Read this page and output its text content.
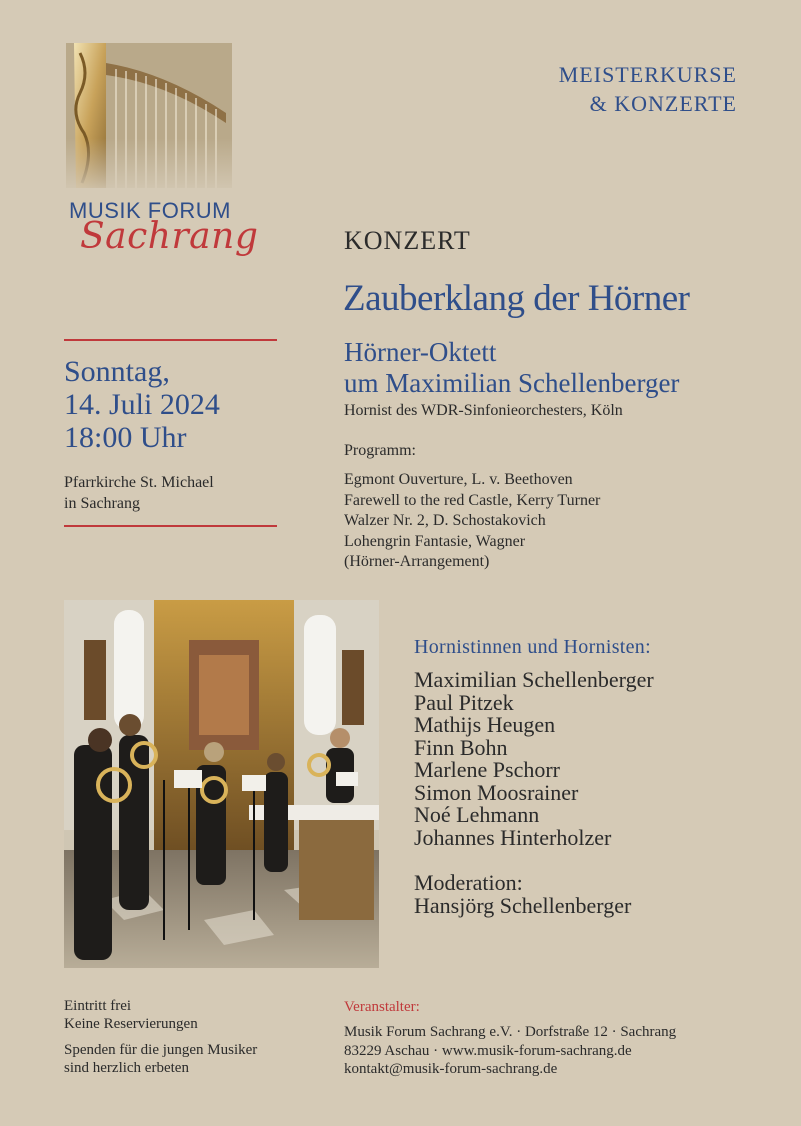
MUSIK FORUM
Sachrang
MEISTERKURSE
& KONZERTE
Sonntag,
14. Juli 2024
18:00 Uhr
Pfarrkirche St. Michael
in Sachrang
KONZERT
Zauberklang der Hörner
Hörner-Oktett
um Maximilian Schellenberger
Hornist des WDR-Sinfonieorchesters, Köln
Programm:
Egmont Ouverture, L. v. Beethoven
Farewell to the red Castle, Kerry Turner
Walzer Nr. 2, D. Schostakovich
Lohengrin Fantasie, Wagner
(Hörner-Arrangement)
Hornistinnen und Hornisten:
Maximilian Schellenberger
Paul Pitzek
Mathijs Heugen
Finn Bohn
Marlene Pschorr
Simon Moosrainer
Noé Lehmann
Johannes Hinterholzer
Moderation:
Hansjörg Schellenberger
Eintritt frei
Keine Reservierungen
Spenden für die jungen Musiker
sind herzlich erbeten
Veranstalter:
Musik Forum Sachrang e.V. · Dorfstraße 12 · Sachrang
83229 Aschau · www.musik-forum-sachrang.de
kontakt@musik-forum-sachrang.de
